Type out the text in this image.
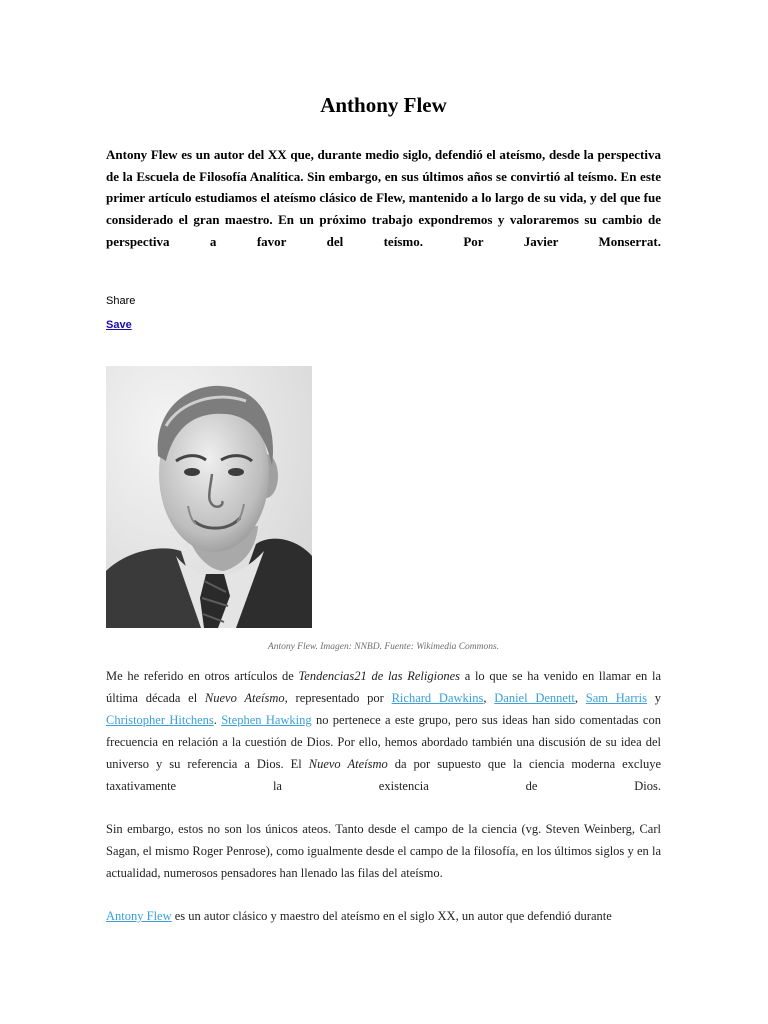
Anthony Flew

Antony Flew es un autor del XX que, durante medio siglo, defendió el ateísmo, desde la perspectiva de la Escuela de Filosofía Analítica. Sin embargo, en sus últimos años se convirtió al teísmo. En este primer artículo estudiamos el ateísmo clásico de Flew, mantenido a lo largo de su vida, y del que fue considerado el gran maestro. En un próximo trabajo expondremos y valoraremos su cambio de perspectiva a favor del teísmo. Por Javier Monserrat.

Share

Save

Antony Flew. Imagen: NNBD. Fuente: Wikimedia Commons.

Me he referido en otros artículos de Tendencias21 de las Religiones a lo que se ha venido en llamar en la última década el Nuevo Ateísmo, representado por Richard Dawkins, Daniel Dennett, Sam Harris y Christopher Hitchens. Stephen Hawking no pertenece a este grupo, pero sus ideas han sido comentadas con frecuencia en relación a la cuestión de Dios. Por ello, hemos abordado también una discusión de su idea del universo y su referencia a Dios. El Nuevo Ateísmo da por supuesto que la ciencia moderna excluye taxativamente la existencia de Dios.

Sin embargo, estos no son los únicos ateos. Tanto desde el campo de la ciencia (vg. Steven Weinberg, Carl Sagan, el mismo Roger Penrose), como igualmente desde el campo de la filosofía, en los últimos siglos y en la actualidad, numerosos pensadores han llenado las filas del ateísmo.

Antony Flew es un autor clásico y maestro del ateísmo en el siglo XX, un autor que defendió durante
